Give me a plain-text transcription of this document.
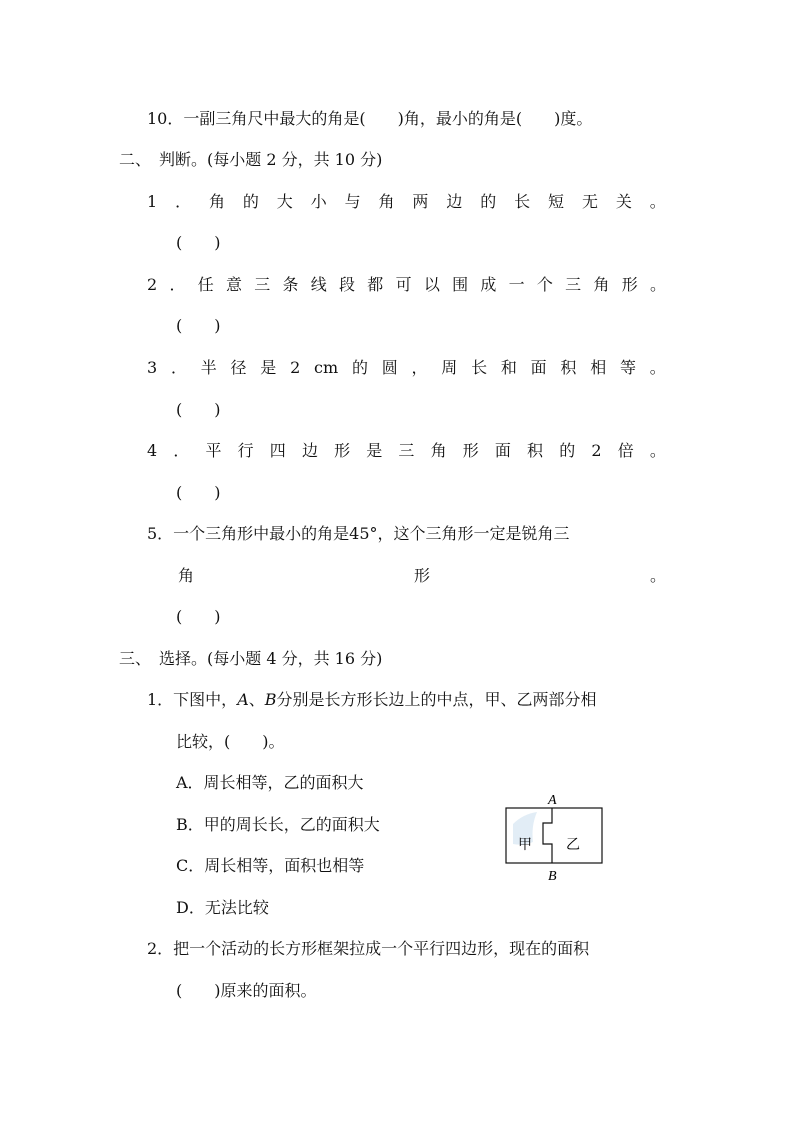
10．一副三角尺中最大的角是(　　)角，最小的角是(　　)度。
二、　判断。(每小题 2 分，共 10 分)
1 ． 角 的 大 小 与 角 两 边 的 长 短 无 关 。
(　　)
2 ． 任 意 三 条 线 段 都 可 以 围 成 一 个 三 角 形 。
(　　)
3 ． 半 径 是 2 cm 的 圆 ， 周 长 和 面 积 相 等 。
(　　)
4 ． 平 行 四 边 形 是 三 角 形 面 积 的 2 倍 。
(　　)
5．一个三角形中最小的角是45°，这个三角形一定是锐角三
角	形	。
(　　)
三、　选择。(每小题 4 分，共 16 分)
1．下图中，A、B分别是长方形长边上的中点，甲、乙两部分相
比较，(　　)。
A．周长相等，乙的面积大
B．甲的周长长，乙的面积大
C．周长相等，面积也相等
D．无法比较
A
B
甲 乙
2．把一个活动的长方形框架拉成一个平行四边形，现在的面积
(　　)原来的面积。
